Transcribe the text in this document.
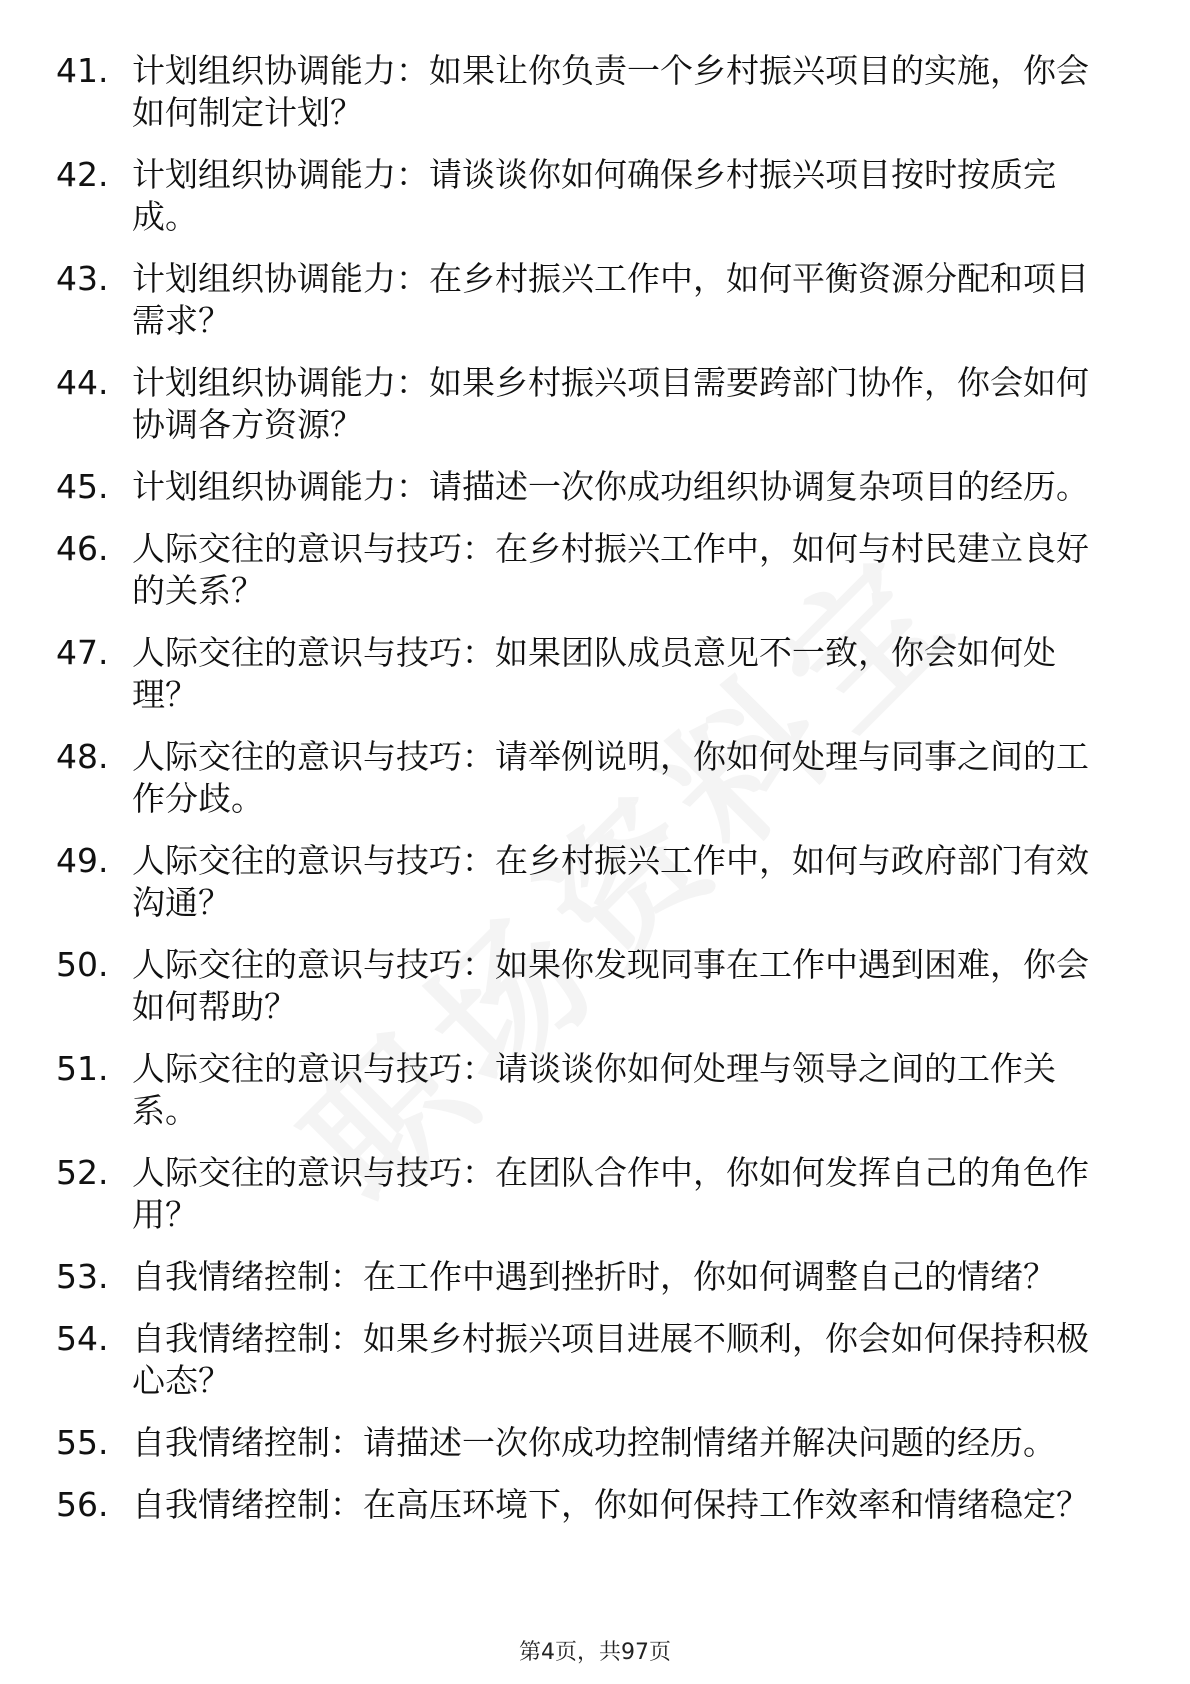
41. 计划组织协调能力：如果让你负责一个乡村振兴项目的实施，你会如何制定计划？
42. 计划组织协调能力：请谈谈你如何确保乡村振兴项目按时按质完成。
43. 计划组织协调能力：在乡村振兴工作中，如何平衡资源分配和项目需求？
44. 计划组织协调能力：如果乡村振兴项目需要跨部门协作，你会如何协调各方资源？
45. 计划组织协调能力：请描述一次你成功组织协调复杂项目的经历。
46. 人际交往的意识与技巧：在乡村振兴工作中，如何与村民建立良好的关系？
47. 人际交往的意识与技巧：如果团队成员意见不一致，你会如何处理？
48. 人际交往的意识与技巧：请举例说明，你如何处理与同事之间的工作分歧。
49. 人际交往的意识与技巧：在乡村振兴工作中，如何与政府部门有效沟通？
50. 人际交往的意识与技巧：如果你发现同事在工作中遇到困难，你会如何帮助？
51. 人际交往的意识与技巧：请谈谈你如何处理与领导之间的工作关系。
52. 人际交往的意识与技巧：在团队合作中，你如何发挥自己的角色作用？
53. 自我情绪控制：在工作中遇到挫折时，你如何调整自己的情绪？
54. 自我情绪控制：如果乡村振兴项目进展不顺利，你会如何保持积极心态？
55. 自我情绪控制：请描述一次你成功控制情绪并解决问题的经历。
56. 自我情绪控制：在高压环境下，你如何保持工作效率和情绪稳定？
第4页，共97页
